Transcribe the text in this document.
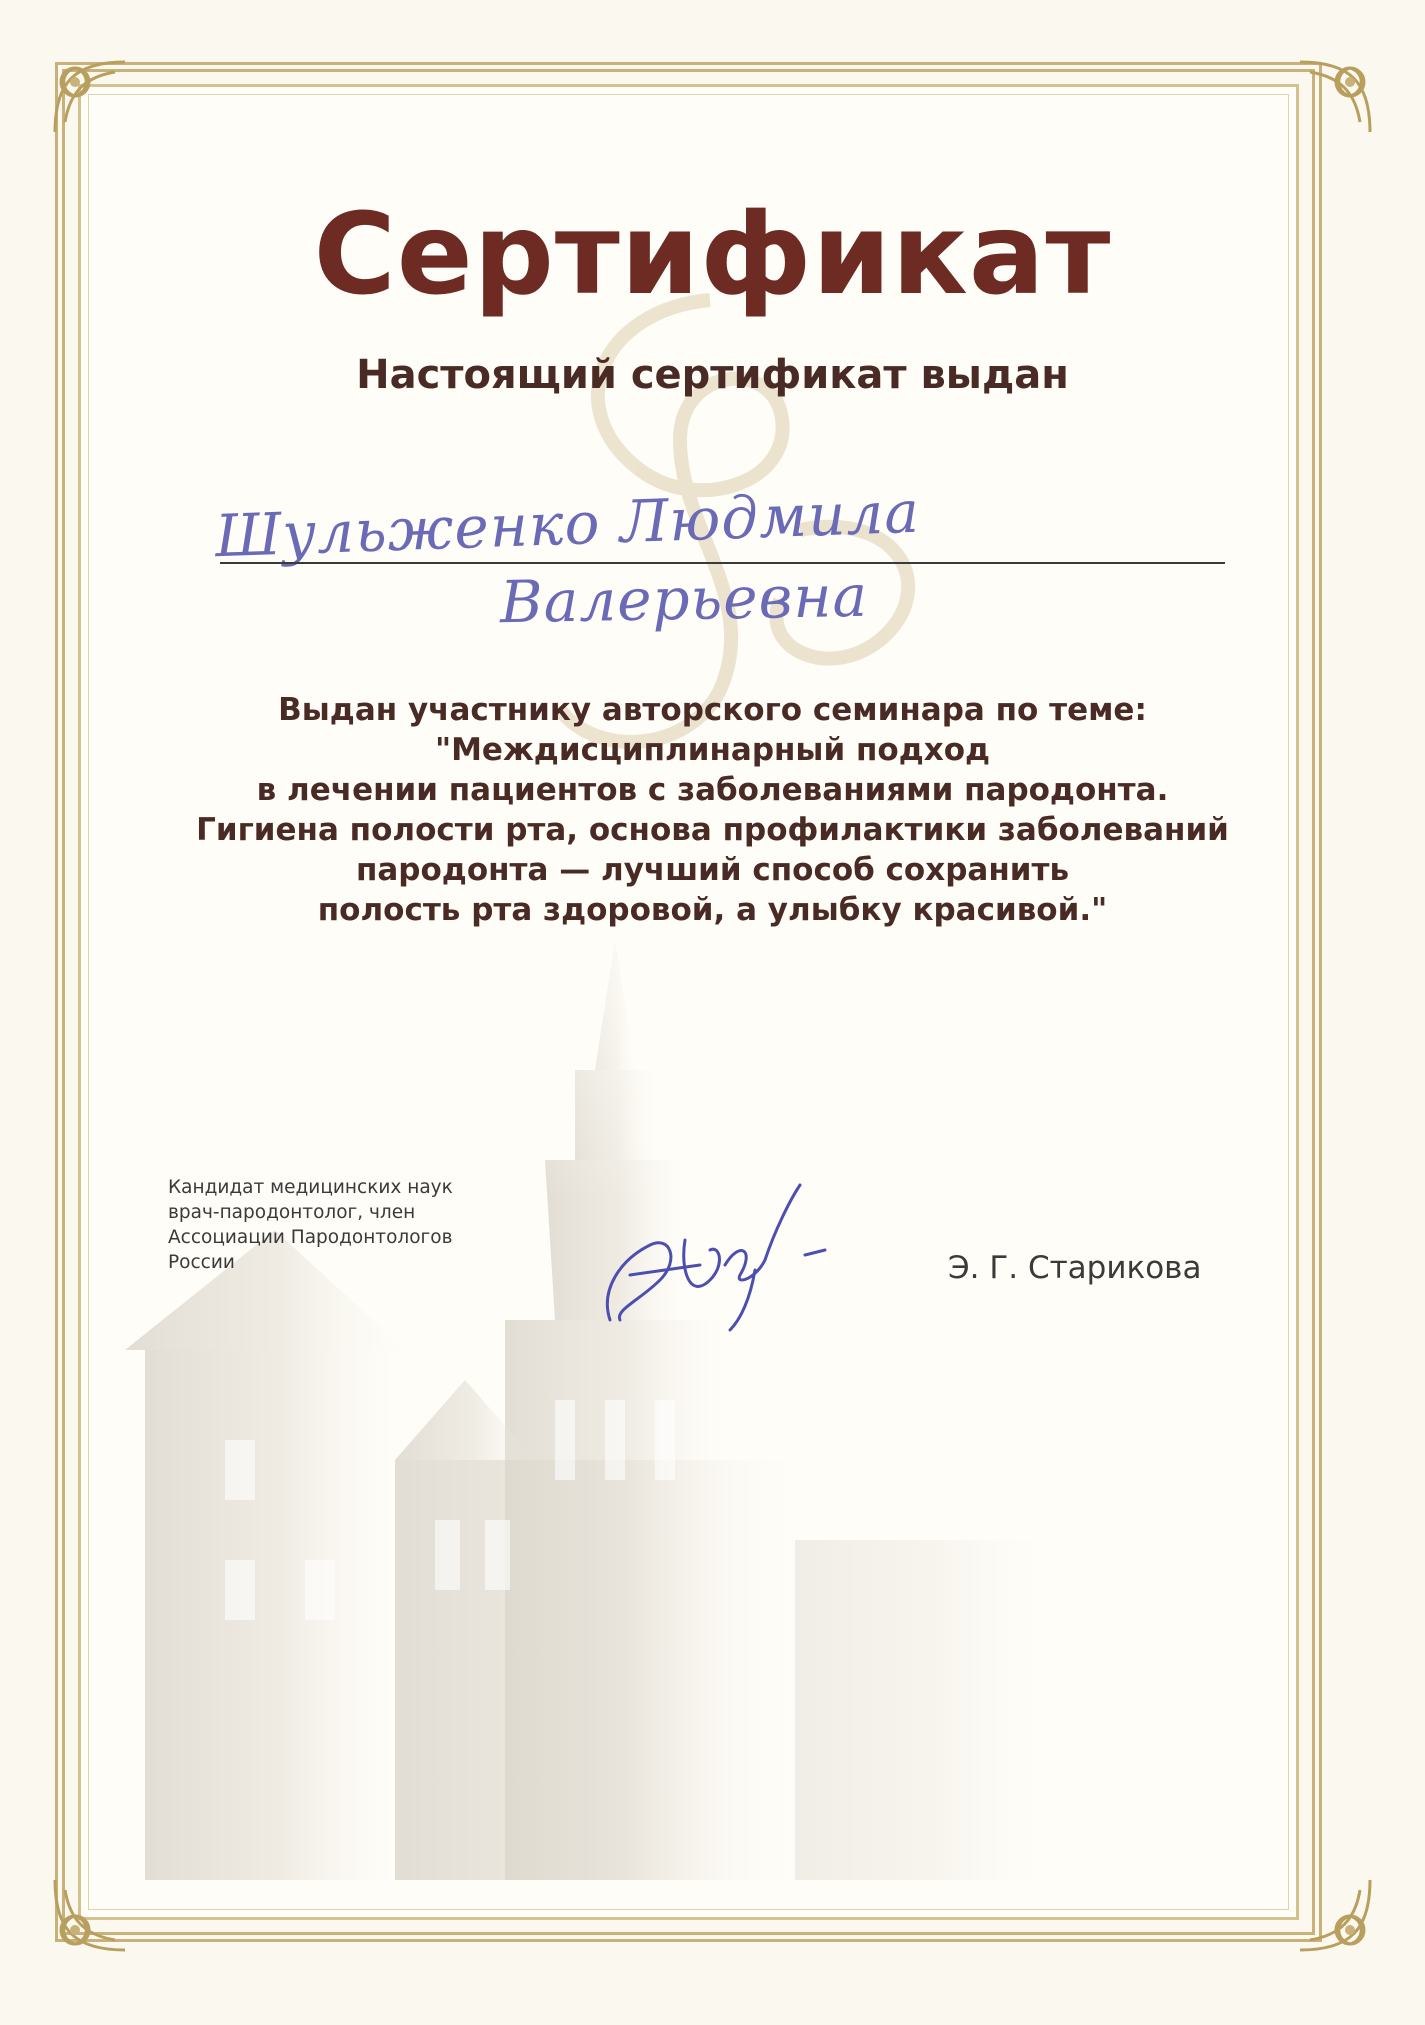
Сертификат
Настоящий сертификат выдан
Шульженко Людмила
Валерьевна
Выдан участнику авторского семинара по теме:
"Междисциплинарный подход
в лечении пациентов с заболеваниями пародонта.
Гигиена полости рта, основа профилактики заболеваний
пародонта — лучший способ сохранить
полость рта здоровой, а улыбку красивой."
Кандидат медицинских наук
врач-пародонтолог, член
Ассоциации Пародонтологов
России	Э. Г. Старикова
